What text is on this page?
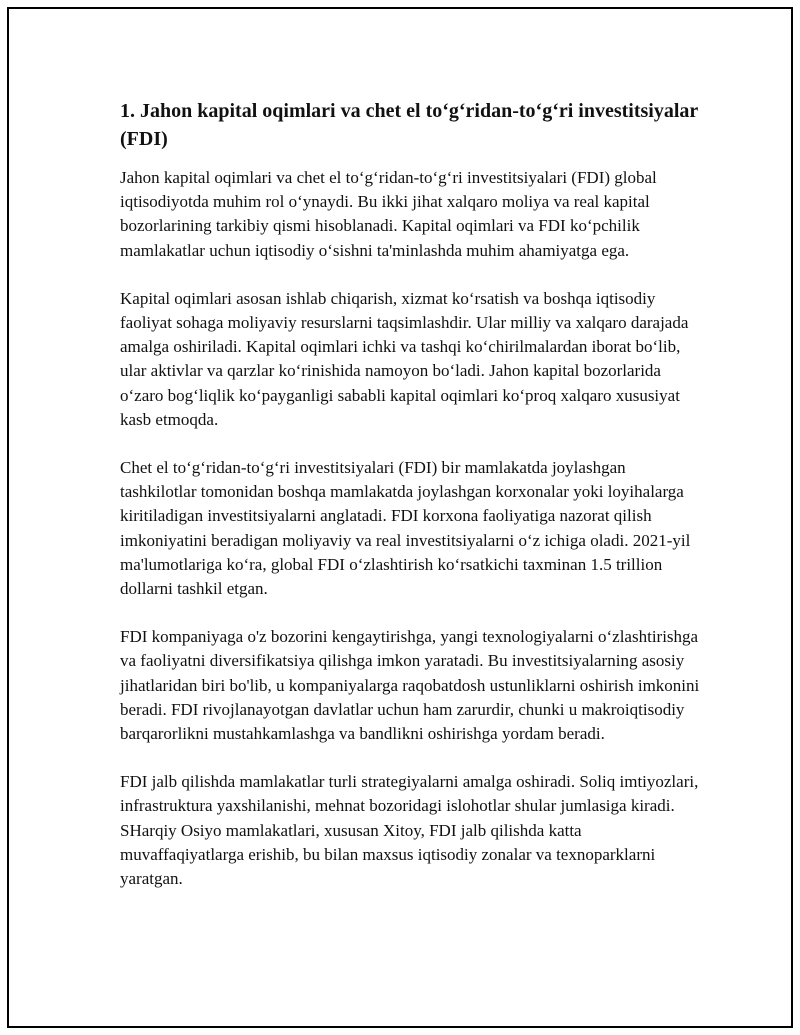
1. Jahon kapital oqimlari va chet el to‘g‘ridan-to‘g‘ri investitsiyalar (FDI)

Jahon kapital oqimlari va chet el to‘g‘ridan-to‘g‘ri investitsiyalari (FDI) global iqtisodiyotda muhim rol o‘ynaydi. Bu ikki jihat xalqaro moliya va real kapital bozorlarining tarkibiy qismi hisoblanadi. Kapital oqimlari va FDI ko‘pchilik mamlakatlar uchun iqtisodiy o‘sishni ta'minlashda muhim ahamiyatga ega.

Kapital oqimlari asosan ishlab chiqarish, xizmat ko‘rsatish va boshqa iqtisodiy faoliyat sohaga moliyaviy resurslarni taqsimlashdir. Ular milliy va xalqaro darajada amalga oshiriladi. Kapital oqimlari ichki va tashqi ko‘chirilmalardan iborat bo‘lib, ular aktivlar va qarzlar ko‘rinishida namoyon bo‘ladi. Jahon kapital bozorlarida o‘zaro bog‘liqlik ko‘payganligi sababli kapital oqimlari ko‘proq xalqaro xususiyat kasb etmoqda.

Chet el to‘g‘ridan-to‘g‘ri investitsiyalari (FDI) bir mamlakatda joylashgan tashkilotlar tomonidan boshqa mamlakatda joylashgan korxonalar yoki loyihalarga kiritiladigan investitsiyalarni anglatadi. FDI korxona faoliyatiga nazorat qilish imkoniyatini beradigan moliyaviy va real investitsiyalarni o‘z ichiga oladi. 2021-yil ma'lumotlariga ko‘ra, global FDI o‘zlashtirish ko‘rsatkichi taxminan 1.5 trillion dollarni tashkil etgan.

FDI kompaniyaga o'z bozorini kengaytirishga, yangi texnologiyalarni o‘zlashtirishga va faoliyatni diversifikatsiya qilishga imkon yaratadi. Bu investitsiyalarning asosiy jihatlaridan biri bo'lib, u kompaniyalarga raqobatdosh ustunliklarni oshirish imkonini beradi. FDI rivojlanayotgan davlatlar uchun ham zarurdir, chunki u makroiqtisodiy barqarorlikni mustahkamlashga va bandlikni oshirishga yordam beradi.

FDI jalb qilishda mamlakatlar turli strategiyalarni amalga oshiradi. Soliq imtiyozlari, infrastruktura yaxshilanishi, mehnat bozoridagi islohotlar shular jumlasiga kiradi. SHarqiy Osiyo mamlakatlari, xususan Xitoy, FDI jalb qilishda katta muvaffaqiyatlarga erishib, bu bilan maxsus iqtisodiy zonalar va texnoparklarni yaratgan.
